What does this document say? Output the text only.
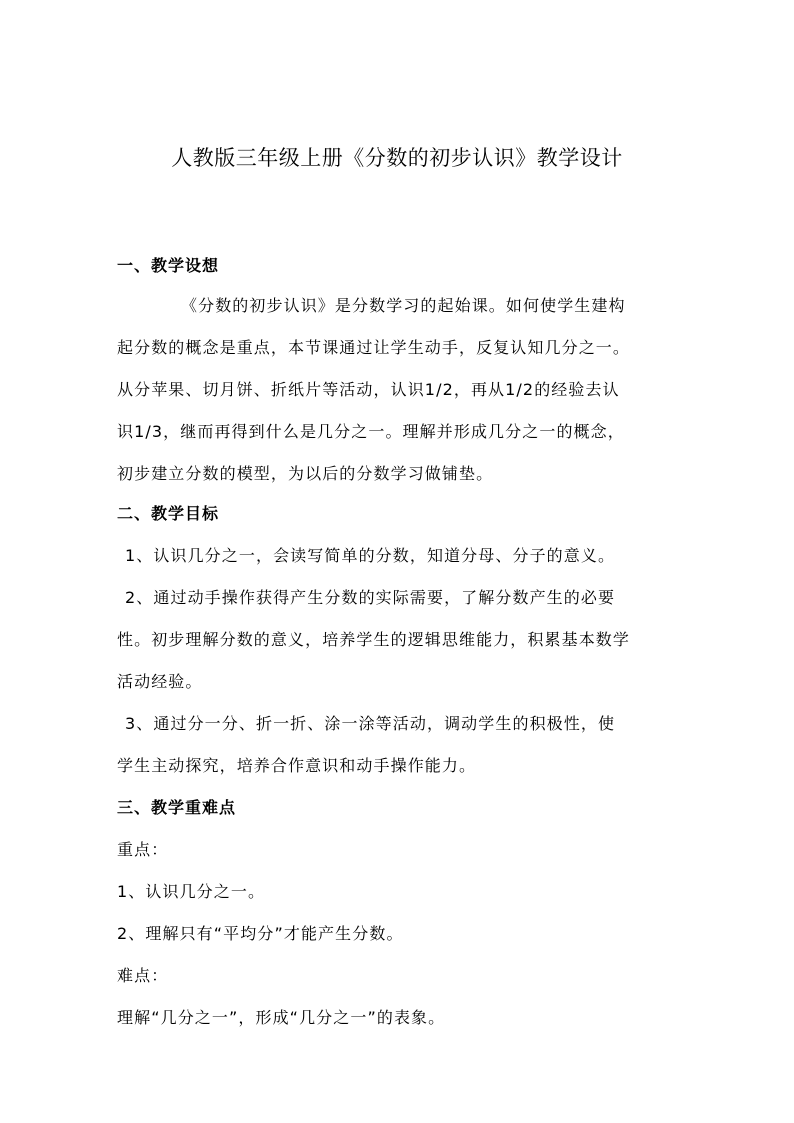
人教版三年级上册《分数的初步认识》教学设计
一、教学设想
《分数的初步认识》是分数学习的起始课。如何使学生建构
起分数的概念是重点，本节课通过让学生动手，反复认知几分之一。
从分苹果、切月饼、折纸片等活动，认识1/2，再从1/2的经验去认
识1/3，继而再得到什么是几分之一。理解并形成几分之一的概念，
初步建立分数的模型，为以后的分数学习做铺垫。
二、教学目标
1、认识几分之一，会读写简单的分数，知道分母、分子的意义。
2、通过动手操作获得产生分数的实际需要，了解分数产生的必要
性。初步理解分数的意义，培养学生的逻辑思维能力，积累基本数学
活动经验。
3、通过分一分、折一折、涂一涂等活动，调动学生的积极性，使
学生主动探究，培养合作意识和动手操作能力。
三、教学重难点
重点：
1、认识几分之一。
2、理解只有“平均分”才能产生分数。
难点：
理解“几分之一”，形成“几分之一”的表象。
